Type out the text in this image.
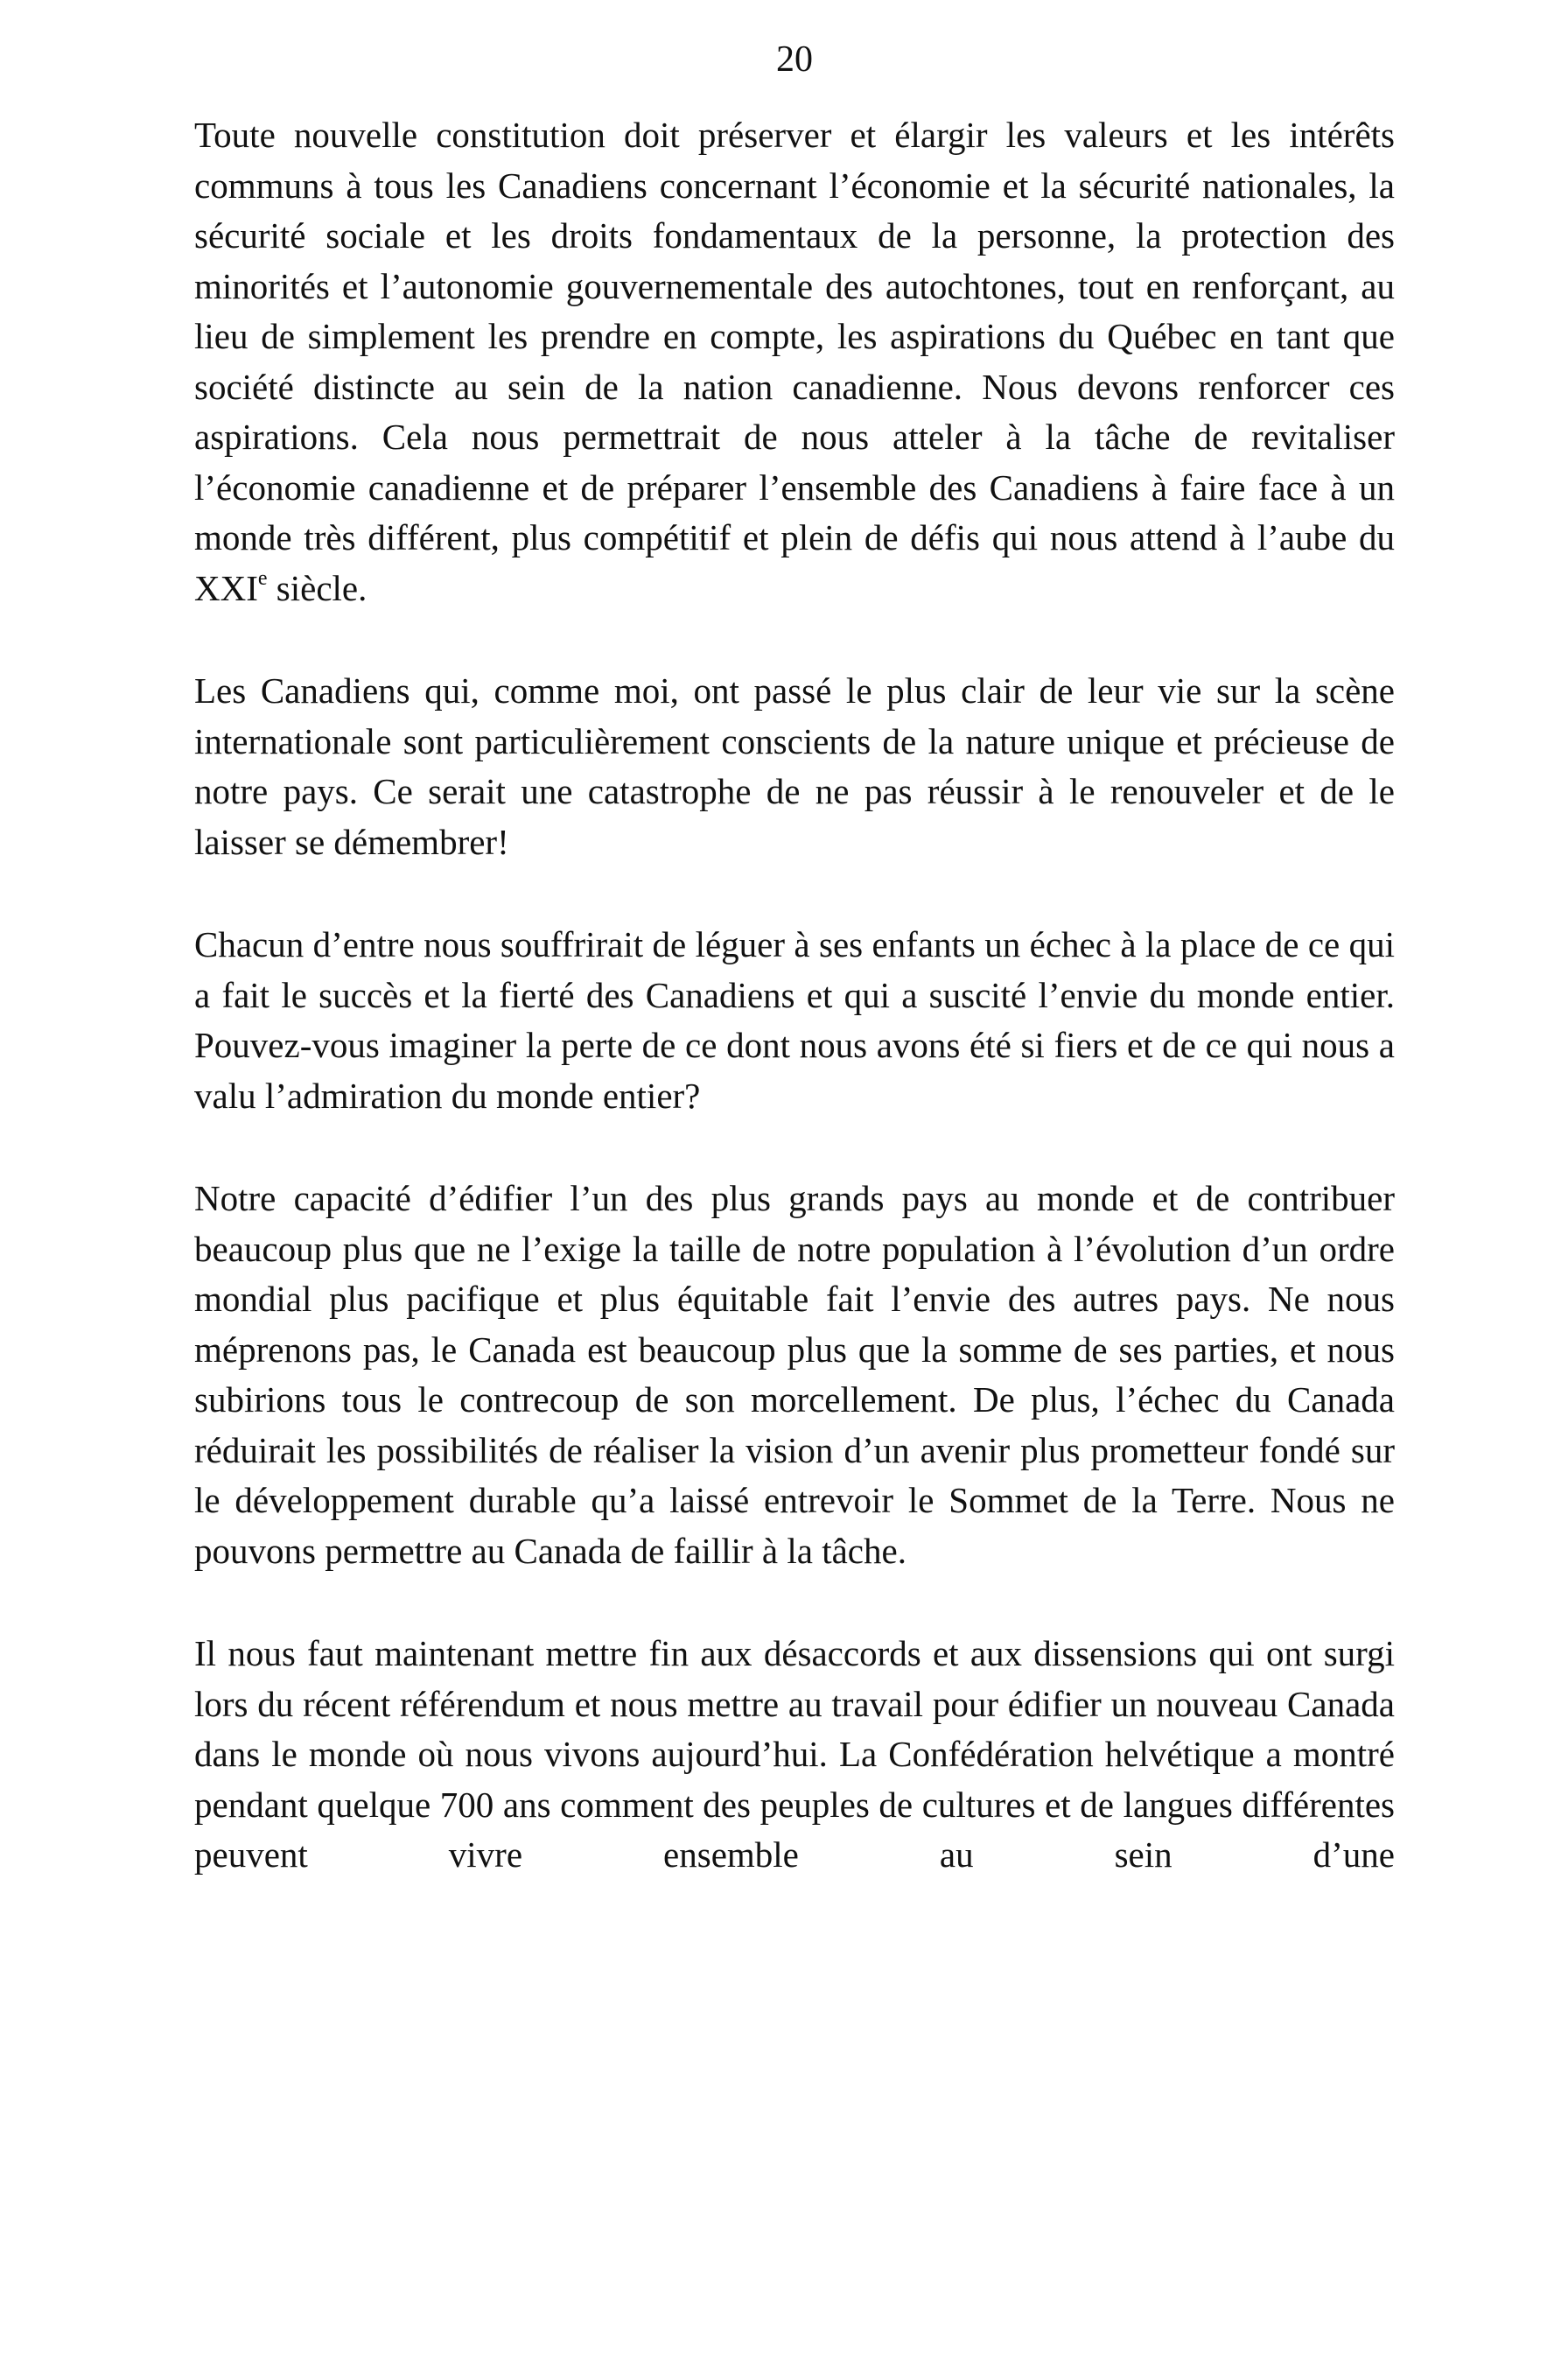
20

Toute nouvelle constitution doit préserver et élargir les valeurs et les intérêts communs à tous les Canadiens concernant l’économie et la sécurité nationales, la sécurité sociale et les droits fondamentaux de la personne, la protection des minorités et l’autonomie gouvernementale des autochtones, tout en renforçant, au lieu de simplement les prendre en compte, les aspirations du Québec en tant que société distincte au sein de la nation canadienne. Nous devons renforcer ces aspirations. Cela nous permettrait de nous atteler à la tâche de revitaliser l’économie canadienne et de préparer l’ensemble des Canadiens à faire face à un monde très différent, plus compétitif et plein de défis qui nous attend à l’aube du XXIe siècle.

Les Canadiens qui, comme moi, ont passé le plus clair de leur vie sur la scène internationale sont particulièrement conscients de la nature unique et précieuse de notre pays. Ce serait une catastrophe de ne pas réussir à le renouveler et de le laisser se démembrer!

Chacun d’entre nous souffrirait de léguer à ses enfants un échec à la place de ce qui a fait le succès et la fierté des Canadiens et qui a suscité l’envie du monde entier. Pouvez-vous imaginer la perte de ce dont nous avons été si fiers et de ce qui nous a valu l’admiration du monde entier?

Notre capacité d’édifier l’un des plus grands pays au monde et de contribuer beaucoup plus que ne l’exige la taille de notre population à l’évolution d’un ordre mondial plus pacifique et plus équitable fait l’envie des autres pays. Ne nous méprenons pas, le Canada est beaucoup plus que la somme de ses parties, et nous subirions tous le contrecoup de son morcellement. De plus, l’échec du Canada réduirait les possibilités de réaliser la vision d’un avenir plus prometteur fondé sur le développement durable qu’a laissé entrevoir le Sommet de la Terre. Nous ne pouvons permettre au Canada de faillir à la tâche.

Il nous faut maintenant mettre fin aux désaccords et aux dissensions qui ont surgi lors du récent référendum et nous mettre au travail pour édifier un nouveau Canada dans le monde où nous vivons aujourd’hui. La Confédération helvétique a montré pendant quelque 700 ans comment des peuples de cultures et de langues différentes peuvent vivre ensemble au sein d’une
